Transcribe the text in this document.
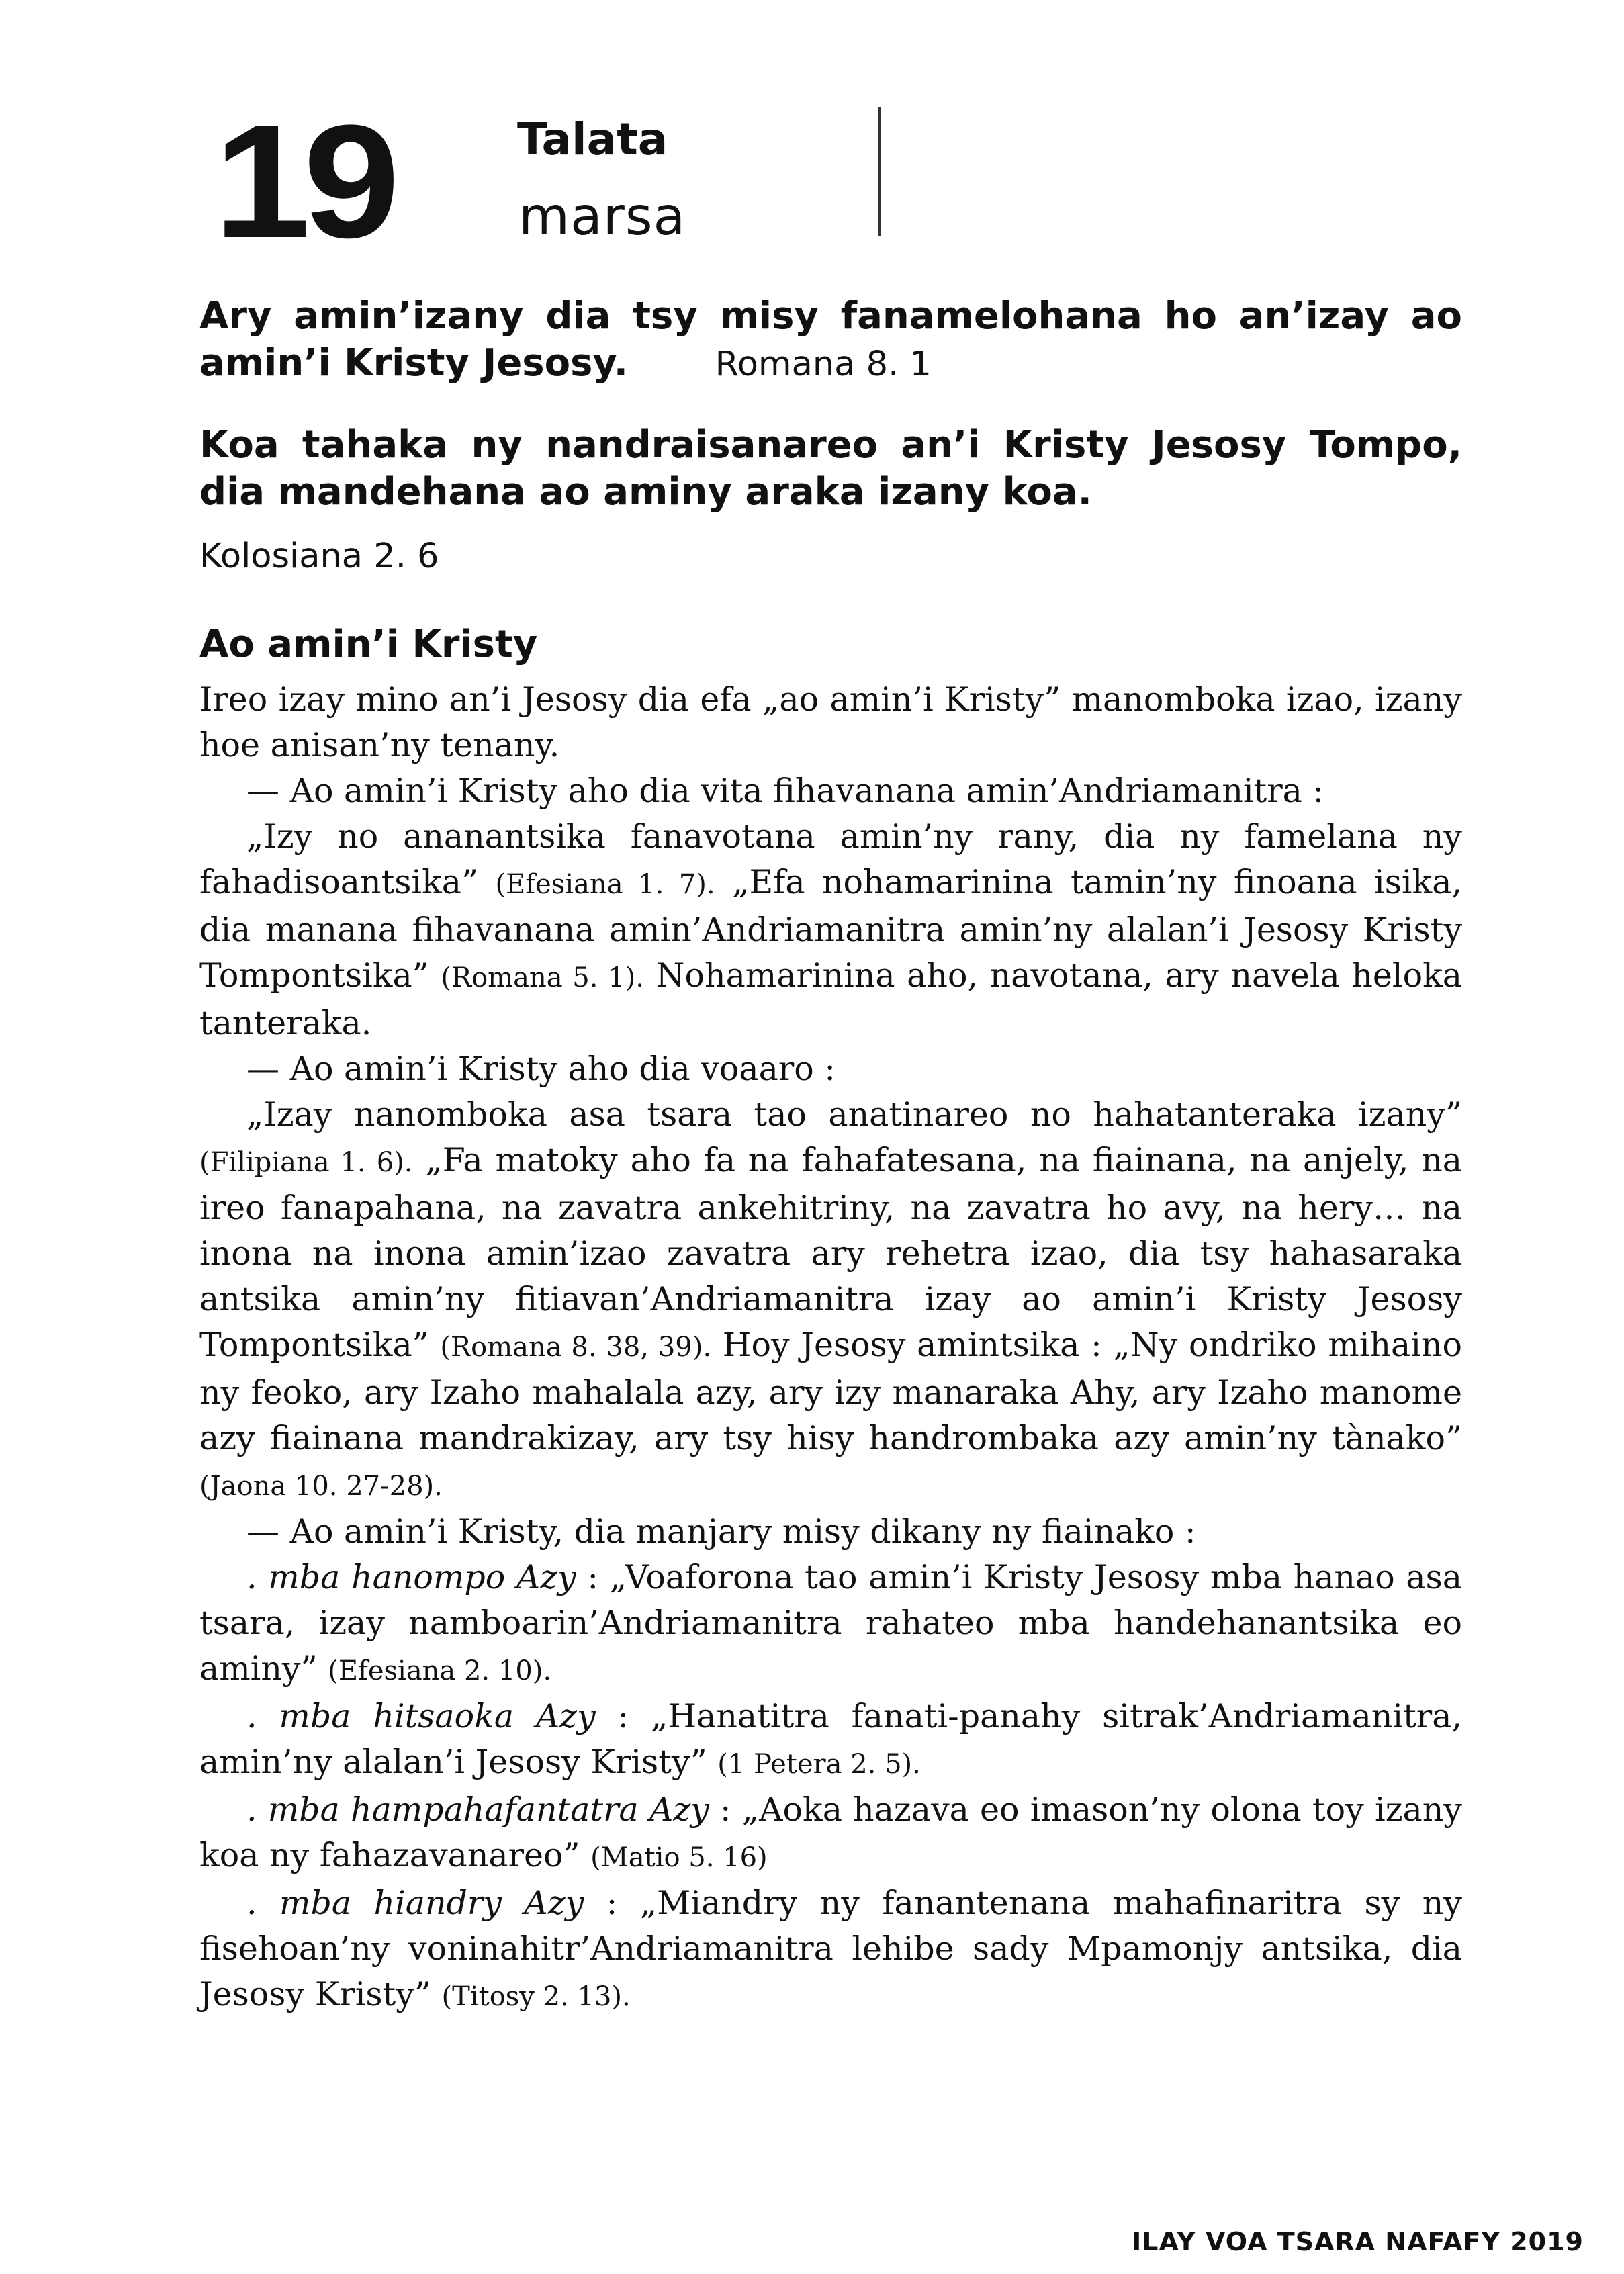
19	Talata
marsa
Ary amin’izany dia tsy misy fanamelohana ho an’izay ao amin’i Kristy Jesosy.	Romana 8. 1
Koa tahaka ny nandraisanareo an’i Kristy Jesosy Tompo, dia mandehana ao aminy araka izany koa.
Kolosiana 2. 6
Ao amin’i Kristy

Ireo izay mino an’i Jesosy dia efa „ao amin’i Kristy” manomboka izao, izany hoe anisan’ny tenany.

— Ao amin’i Kristy aho dia vita fihavanana amin’Andriamanitra :

„Izy no ananantsika fanavotana amin’ny rany, dia ny famelana ny fahadisoantsika” (Efesiana 1. 7). „Efa nohamarinina tamin’ny finoana isika, dia manana fihavanana amin’Andriamanitra amin’ny alalan’i Jesosy Kristy Tompontsika” (Romana 5. 1). Nohamarinina aho, navotana, ary navela heloka tanteraka.

— Ao amin’i Kristy aho dia voaaro :

„Izay nanomboka asa tsara tao anatinareo no hahatanteraka izany” (Filipiana 1. 6). „Fa matoky aho fa na fahafatesana, na fiainana, na anjely, na ireo fanapahana, na zavatra ankehitriny, na zavatra ho avy, na hery… na inona na inona amin’izao zavatra ary rehetra izao, dia tsy hahasaraka antsika amin’ny fitiavan’Andriamanitra izay ao amin’i Kristy Jesosy Tompontsika” (Romana 8. 38, 39). Hoy Jesosy amintsika : „Ny ondriko mihaino ny feoko, ary Izaho mahalala azy, ary izy manaraka Ahy, ary Izaho manome azy fiainana mandrakizay, ary tsy hisy handrombaka azy amin’ny tànako” (Jaona 10. 27-28).

— Ao amin’i Kristy, dia manjary misy dikany ny fiainako :

. mba hanompo Azy : „Voaforona tao amin’i Kristy Jesosy mba hanao asa tsara, izay namboarin’Andriamanitra rahateo mba handehanantsika eo aminy” (Efesiana 2. 10).

. mba hitsaoka Azy : „Hanatitra fanati-panahy sitrak’Andriamanitra, amin’ny alalan’i Jesosy Kristy” (1 Petera 2. 5).

. mba hampahafantatra Azy : „Aoka hazava eo imason’ny olona toy izany koa ny fahazavanareo” (Matio 5. 16)

. mba hiandry Azy : „Miandry ny fanantenana mahafinaritra sy ny fisehoan’ny voninahitr’Andriamanitra lehibe sady Mpamonjy antsika, dia Jesosy Kristy” (Titosy 2. 13).

ILAY VOA TSARA NAFAFY 2019
